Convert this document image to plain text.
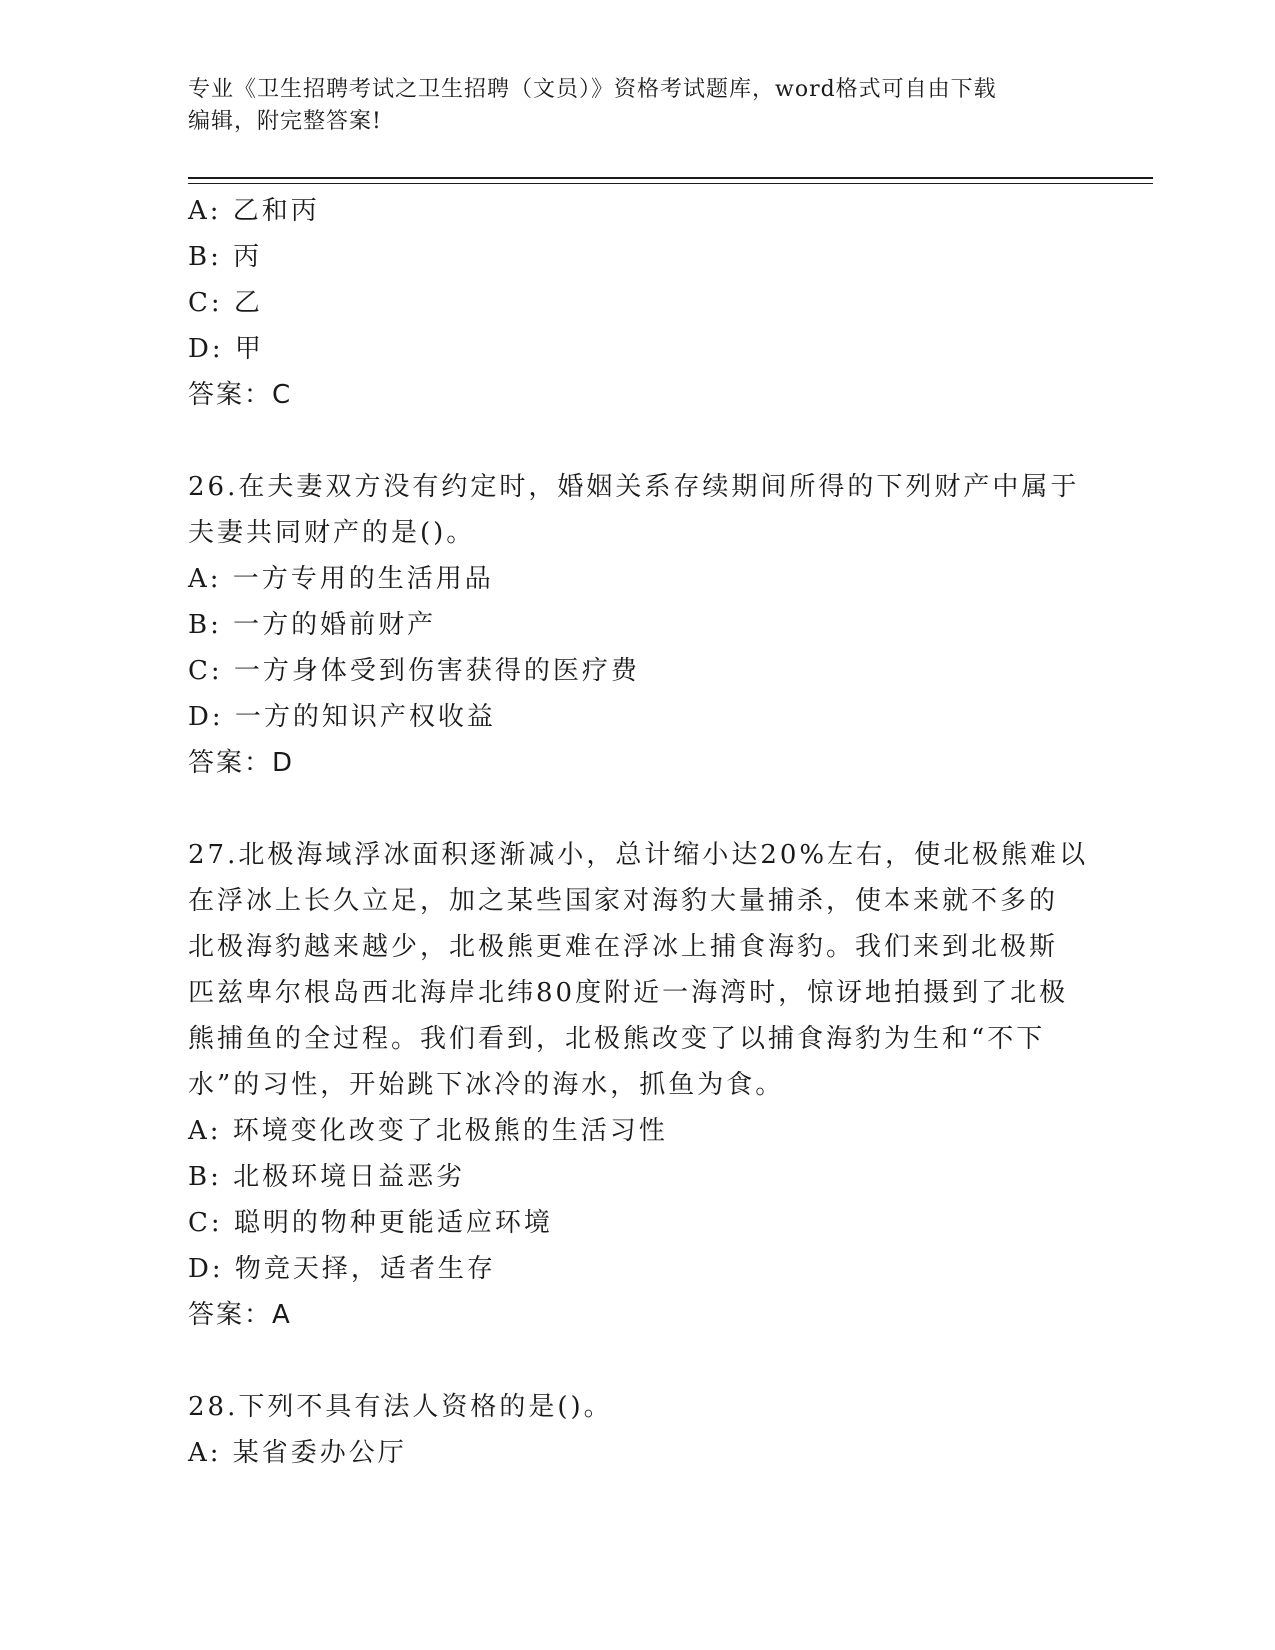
专业《卫生招聘考试之卫生招聘（文员）》资格考试题库，word格式可自由下载
编辑，附完整答案!
A: 乙和丙
B: 丙
C: 乙
D: 甲
答案：C
26.在夫妻双方没有约定时，婚姻关系存续期间所得的下列财产中属于
夫妻共同财产的是()。
A: 一方专用的生活用品
B: 一方的婚前财产
C: 一方身体受到伤害获得的医疗费
D: 一方的知识产权收益
答案：D
27.北极海域浮冰面积逐渐减小，总计缩小达20%左右，使北极熊难以
在浮冰上长久立足，加之某些国家对海豹大量捕杀，使本来就不多的
北极海豹越来越少，北极熊更难在浮冰上捕食海豹。我们来到北极斯
匹兹卑尔根岛西北海岸北纬80度附近一海湾时，惊讶地拍摄到了北极
熊捕鱼的全过程。我们看到，北极熊改变了以捕食海豹为生和“不下
水”的习性，开始跳下冰冷的海水，抓鱼为食。
A: 环境变化改变了北极熊的生活习性
B: 北极环境日益恶劣
C: 聪明的物种更能适应环境
D: 物竞天择，适者生存
答案：A
28.下列不具有法人资格的是()。
A: 某省委办公厅
